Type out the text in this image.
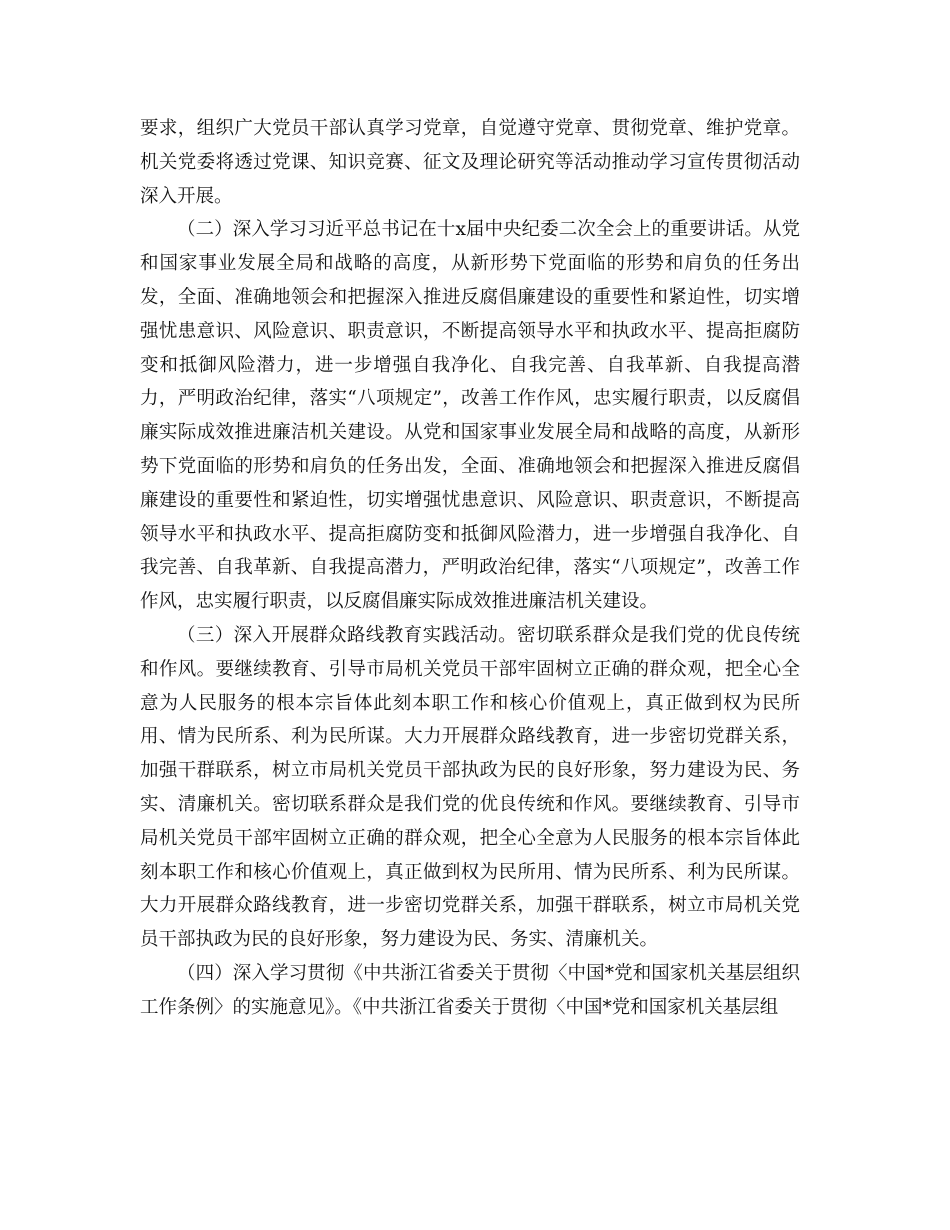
要求，组织广大党员干部认真学习党章，自觉遵守党章、贯彻党章、维护党章。机关党委将透过党课、知识竞赛、征文及理论研究等活动推动学习宣传贯彻活动深入开展。

（二）深入学习习近平总书记在十x届中央纪委二次全会上的重要讲话。从党和国家事业发展全局和战略的高度，从新形势下党面临的形势和肩负的任务出发，全面、准确地领会和把握深入推进反腐倡廉建设的重要性和紧迫性，切实增强忧患意识、风险意识、职责意识，不断提高领导水平和执政水平、提高拒腐防变和抵御风险潜力，进一步增强自我净化、自我完善、自我革新、自我提高潜力，严明政治纪律，落实“八项规定”，改善工作作风，忠实履行职责，以反腐倡廉实际成效推进廉洁机关建设。从党和国家事业发展全局和战略的高度，从新形势下党面临的形势和肩负的任务出发，全面、准确地领会和把握深入推进反腐倡廉建设的重要性和紧迫性，切实增强忧患意识、风险意识、职责意识，不断提高领导水平和执政水平、提高拒腐防变和抵御风险潜力，进一步增强自我净化、自我完善、自我革新、自我提高潜力，严明政治纪律，落实“八项规定”，改善工作作风，忠实履行职责，以反腐倡廉实际成效推进廉洁机关建设。

（三）深入开展群众路线教育实践活动。密切联系群众是我们党的优良传统和作风。要继续教育、引导市局机关党员干部牢固树立正确的群众观，把全心全意为人民服务的根本宗旨体此刻本职工作和核心价值观上，真正做到权为民所用、情为民所系、利为民所谋。大力开展群众路线教育，进一步密切党群关系，加强干群联系，树立市局机关党员干部执政为民的良好形象，努力建设为民、务实、清廉机关。密切联系群众是我们党的优良传统和作风。要继续教育、引导市局机关党员干部牢固树立正确的群众观，把全心全意为人民服务的根本宗旨体此刻本职工作和核心价值观上，真正做到权为民所用、情为民所系、利为民所谋。大力开展群众路线教育，进一步密切党群关系，加强干群联系，树立市局机关党员干部执政为民的良好形象，努力建设为民、务实、清廉机关。

（四）深入学习贯彻《中共浙江省委关于贯彻〈中国*党和国家机关基层组织工作条例〉的实施意见》。《中共浙江省委关于贯彻〈中国*党和国家机关基层组
